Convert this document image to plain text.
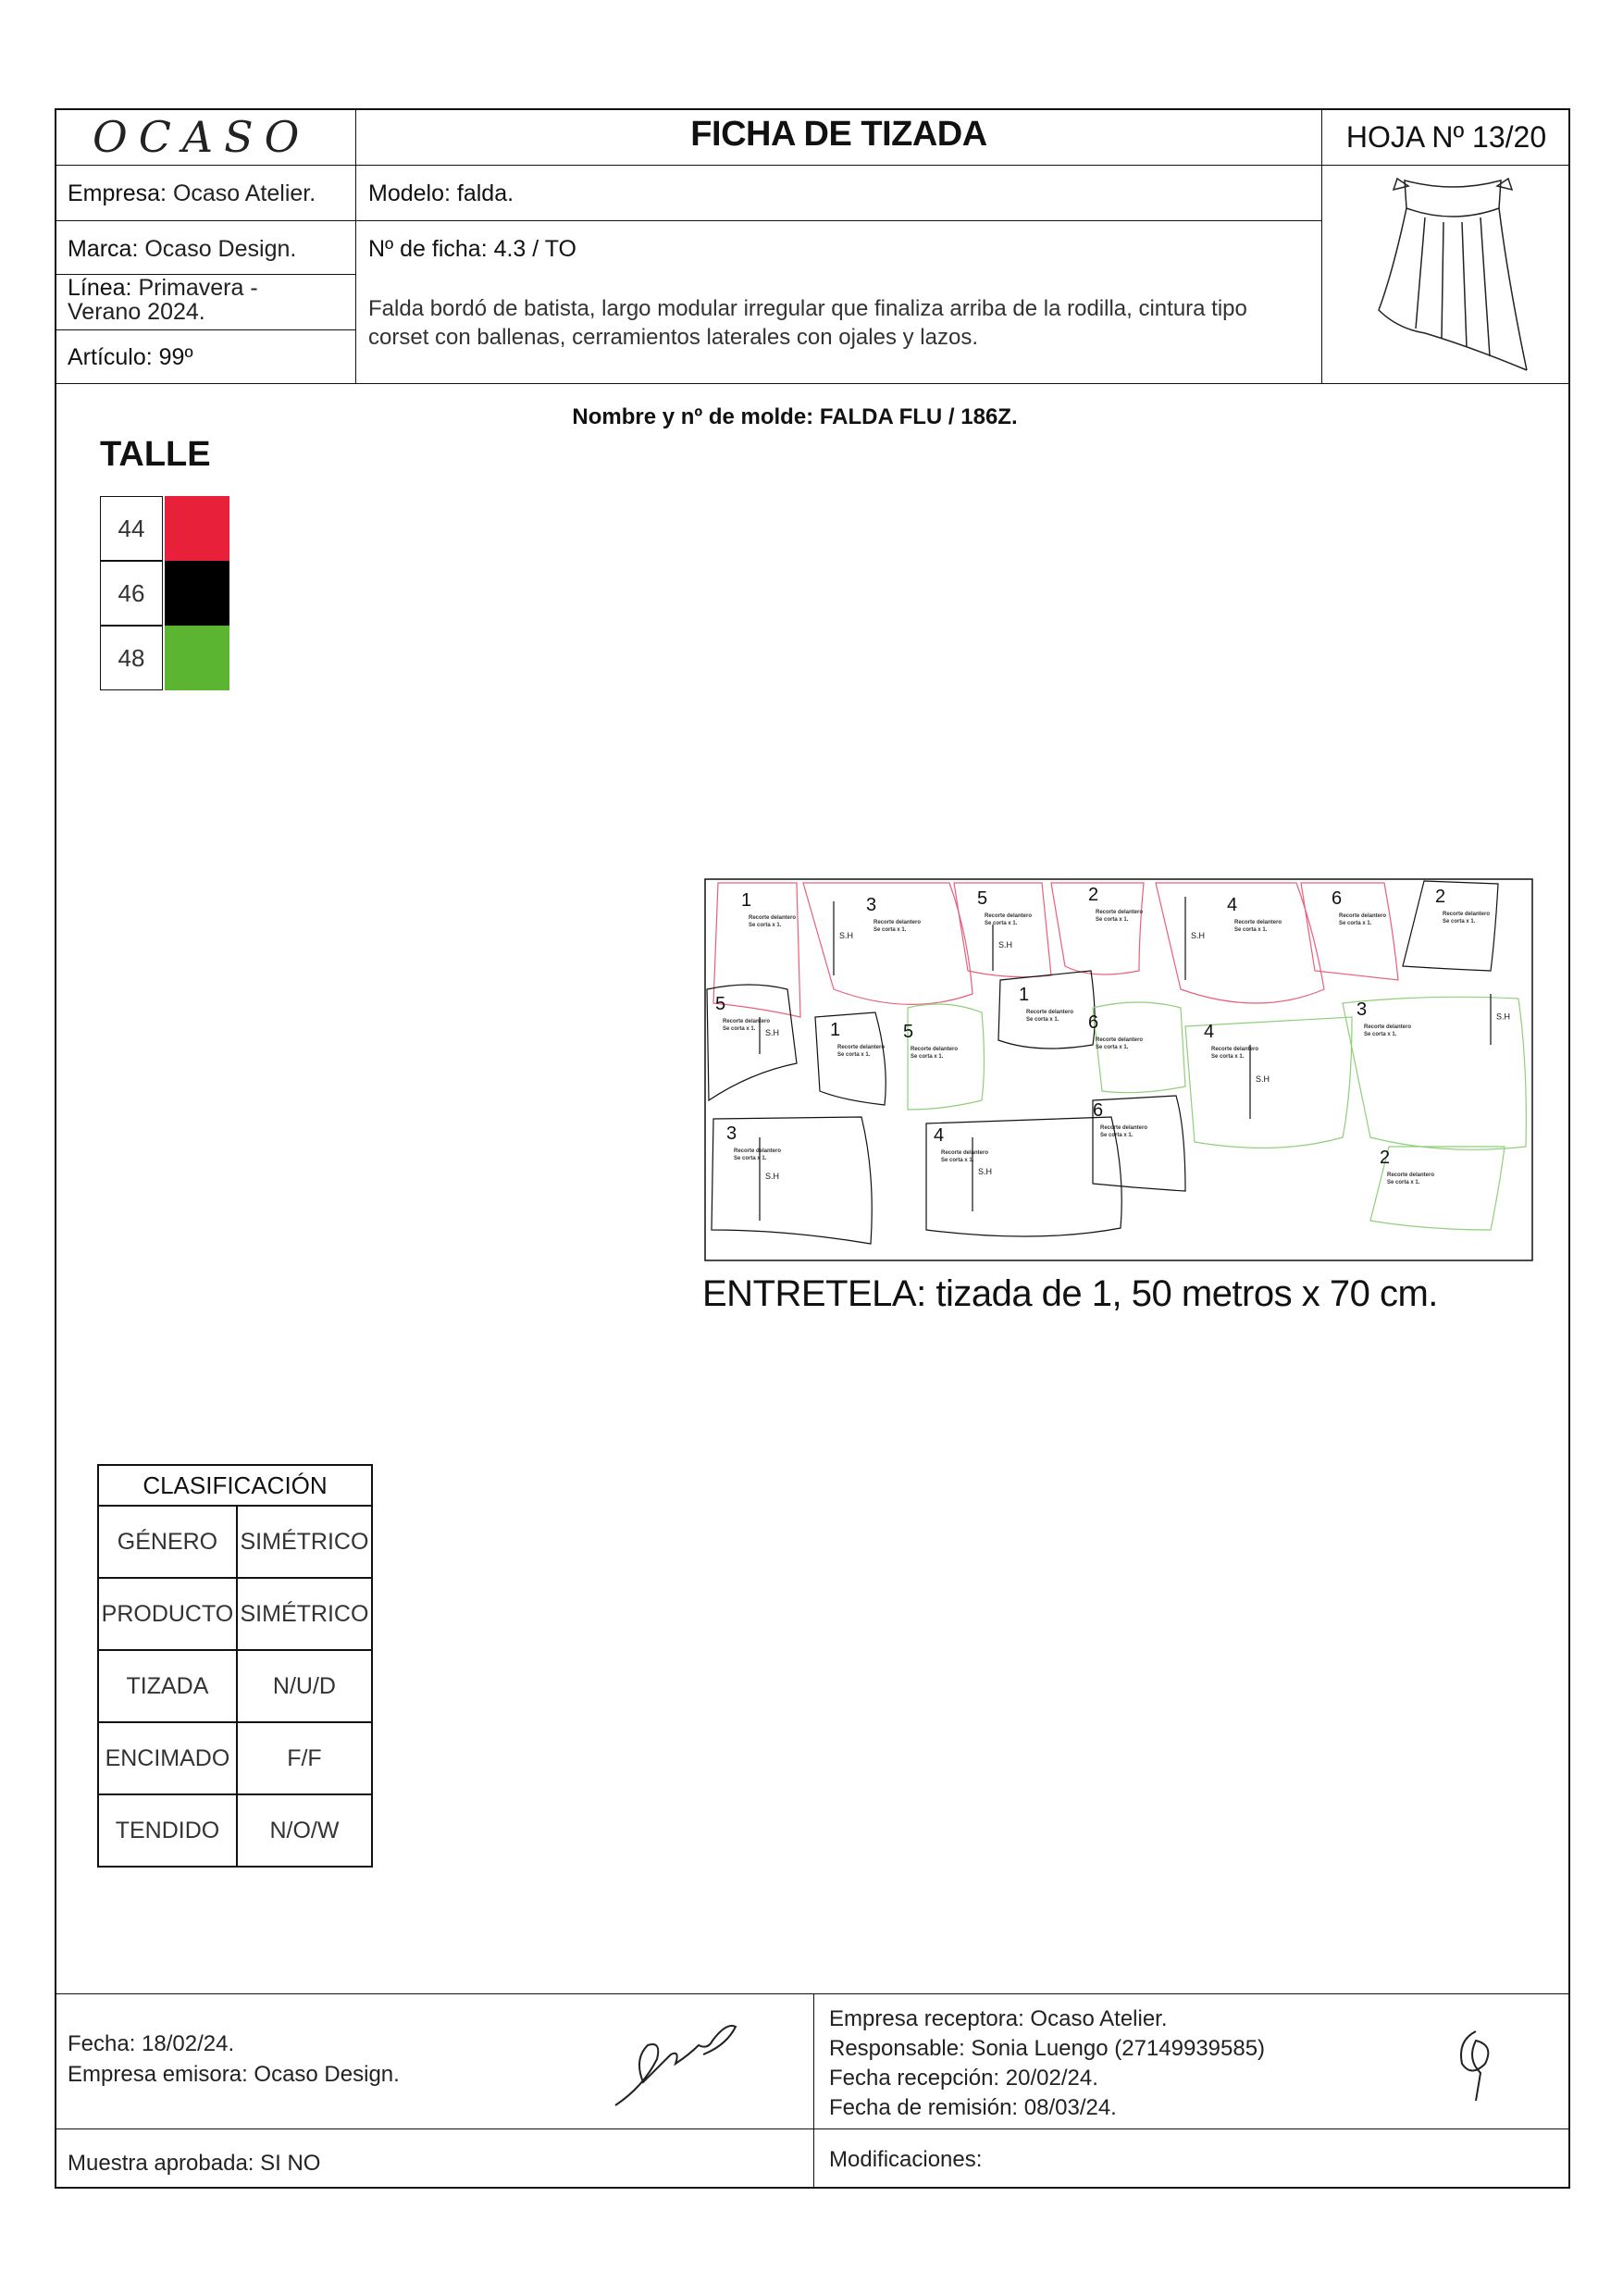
OCASO	FICHA DE TIZADA	HOJA Nº 13/20
Empresa: Ocaso Atelier.
Marca: Ocaso Design.
Línea: Primavera -
Verano 2024.
Artículo: 99º
Modelo: falda.
Nº de ficha: 4.3 / TO
Falda bordó de batista, largo modular irregular que finaliza arriba de la rodilla, cintura tipo
corset con ballenas, cerramientos laterales con ojales y lazos.
Nombre y nº de molde: FALDA FLU / 186Z.
TALLE
44
46
48
1
Recorte delantero
Se corta x 1.
3
Recorte delantero
Se corta x 1.
5
Recorte delantero
Se corta x 1.
2
Recorte delantero
Se corta x 1.
4
Recorte delantero
Se corta x 1.
6
Recorte delantero
Se corta x 1.
2
Recorte delantero
Se corta x 1.
5
Recorte delantero
Se corta x 1.	1
Recorte delantero
Se corta x 1.
5
Recorte delantero
Se corta x 1.
1
Recorte delantero
Se corta x 1. 6
Recorte delantero
Se corta x 1.
4
Recorte delantero
Se corta x 1.
3
Recorte delantero
Se corta x 1.
3
Recorte delantero
Se corta x 1.
4
Recorte delantero
Se corta x 1.
6
Recorte delantero
Se corta x 1.
2
Recorte delantero
Se corta x 1.
S.H
S.H
S.H
S.H
S.H
S.H
S.H	S.H
ENTRETELA: tizada de 1, 50 metros x 70 cm.
CLASIFICACIÓN	
GÉNERO	SIMÉTRICO
PRODUCTO	SIMÉTRICO
TIZADA	N/U/D
ENCIMADO	F/F
TENDIDO	N/O/W
Fecha: 18/02/24.
Empresa emisora: Ocaso Design.
Empresa receptora: Ocaso Atelier.
Responsable: Sonia Luengo (27149939585)
Fecha recepción: 20/02/24.
Fecha de remisión: 08/03/24.
Muestra aprobada: SI NO	Modificaciones:
